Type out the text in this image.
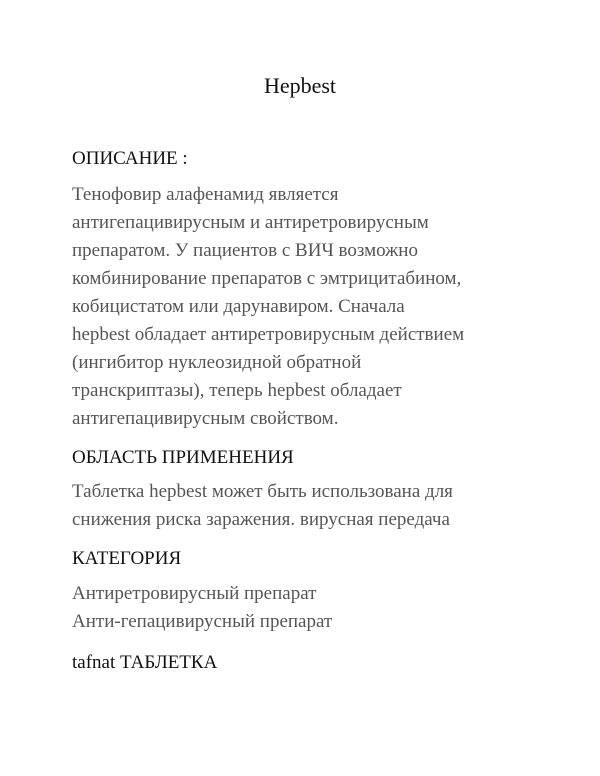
Hepbest
ОПИСАНИЕ :
Тенофовир алафенамид является
антигепацивирусным и антиретровирусным
препаратом. У пациентов с ВИЧ возможно
комбинирование препаратов с эмтрицитабином,
кобицистатом или дарунавиром. Сначала
hepbest обладает антиретровирусным действием
(ингибитор нуклеозидной обратной
транскриптазы), теперь hepbest обладает
антигепацивирусным свойством.
ОБЛАСТЬ ПРИМЕНЕНИЯ
Таблетка hepbest может быть использована для
снижения риска заражения. вирусная передача
КАТЕГОРИЯ
Антиретровирусный препарат
Анти-гепацивирусный препарат
tafnat ТАБЛЕТКА
